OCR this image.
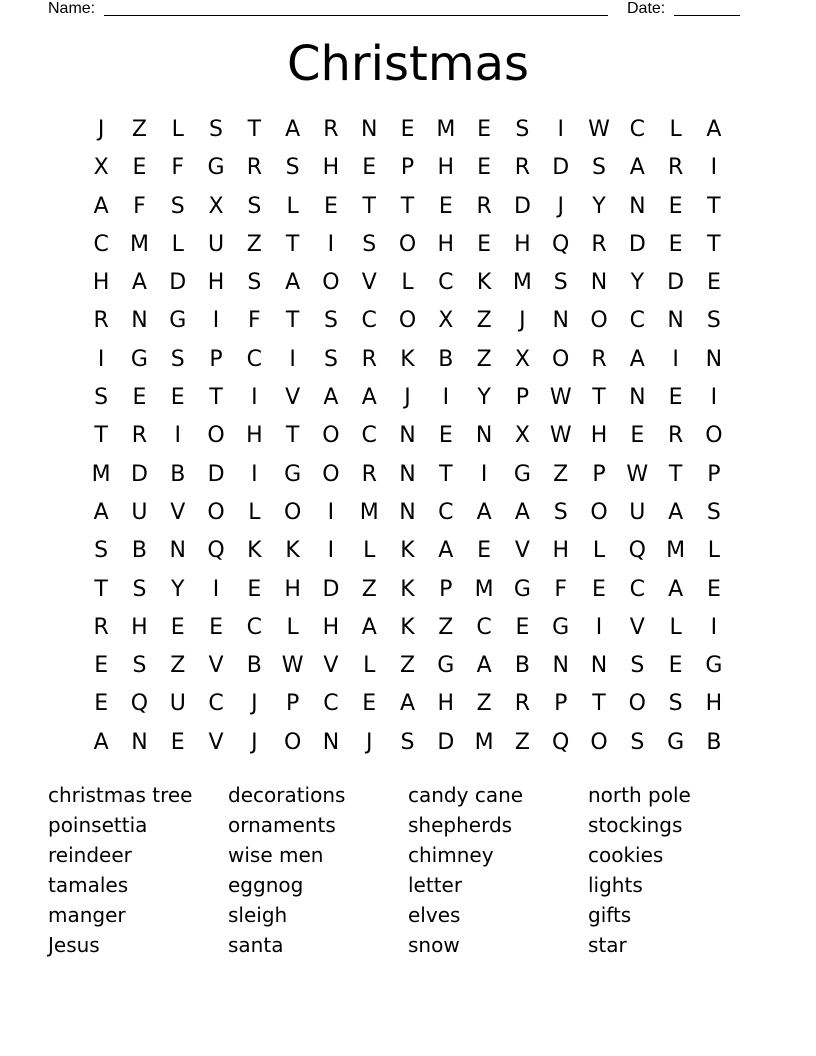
Name:	Date:
Christmas
J	Z	L	S	T	A	R	N	E M E	S	I	W C	L	A
X	E	F	G	R	S	H	E	P	H	E	R	D	S	A	R	I
A	F	S	X	S	L	E	T	T	E	R	D	J	Y	N	E	T
C M	L	U	Z	T	I	S	O H	E	H Q R	D	E	T
H	A	D H	S	A	O	V	L	C	K M S	N	Y	D	E
R	N G	I	F	T	S	C O	X	Z	J	N O C	N	S
I	G	S	P	C	I	S	R	K	B	Z	X	O R	A	I	N
S	E	E	T	I	V	A	A	J	I	Y	P W T	N	E	I
T	R	I	O H	T	O C	N	E	N	X W H	E	R O
M D	B	D	I	G O R	N	T	I	G	Z	P W T	P
A	U	V	O	L	O	I	M N	C	A	A	S	O U	A	S
S	B	N Q	K	K	I	L	K	A	E	V	H	L	Q M	L
T	S	Y	I	E	H D	Z	K	P	M G	F	E	C	A	E
R	H	E	E	C	L	H	A	K	Z	C	E	G	I	V	L	I
E	S	Z	V	B W V	L	Z	G	A	B	N N	S	E	G
E	Q U	C	J	P	C	E	A	H	Z	R	P	T	O	S	H
A	N	E	V	J	O N	J	S	D M Z	Q O	S	G	B
christmas tree	decorations	candy cane	north pole
poinsettia	ornaments	shepherds	stockings
reindeer	wise men	chimney	cookies
tamales	eggnog	letter	lights
manger	sleigh	elves	gifts
Jesus	santa	snow	star
